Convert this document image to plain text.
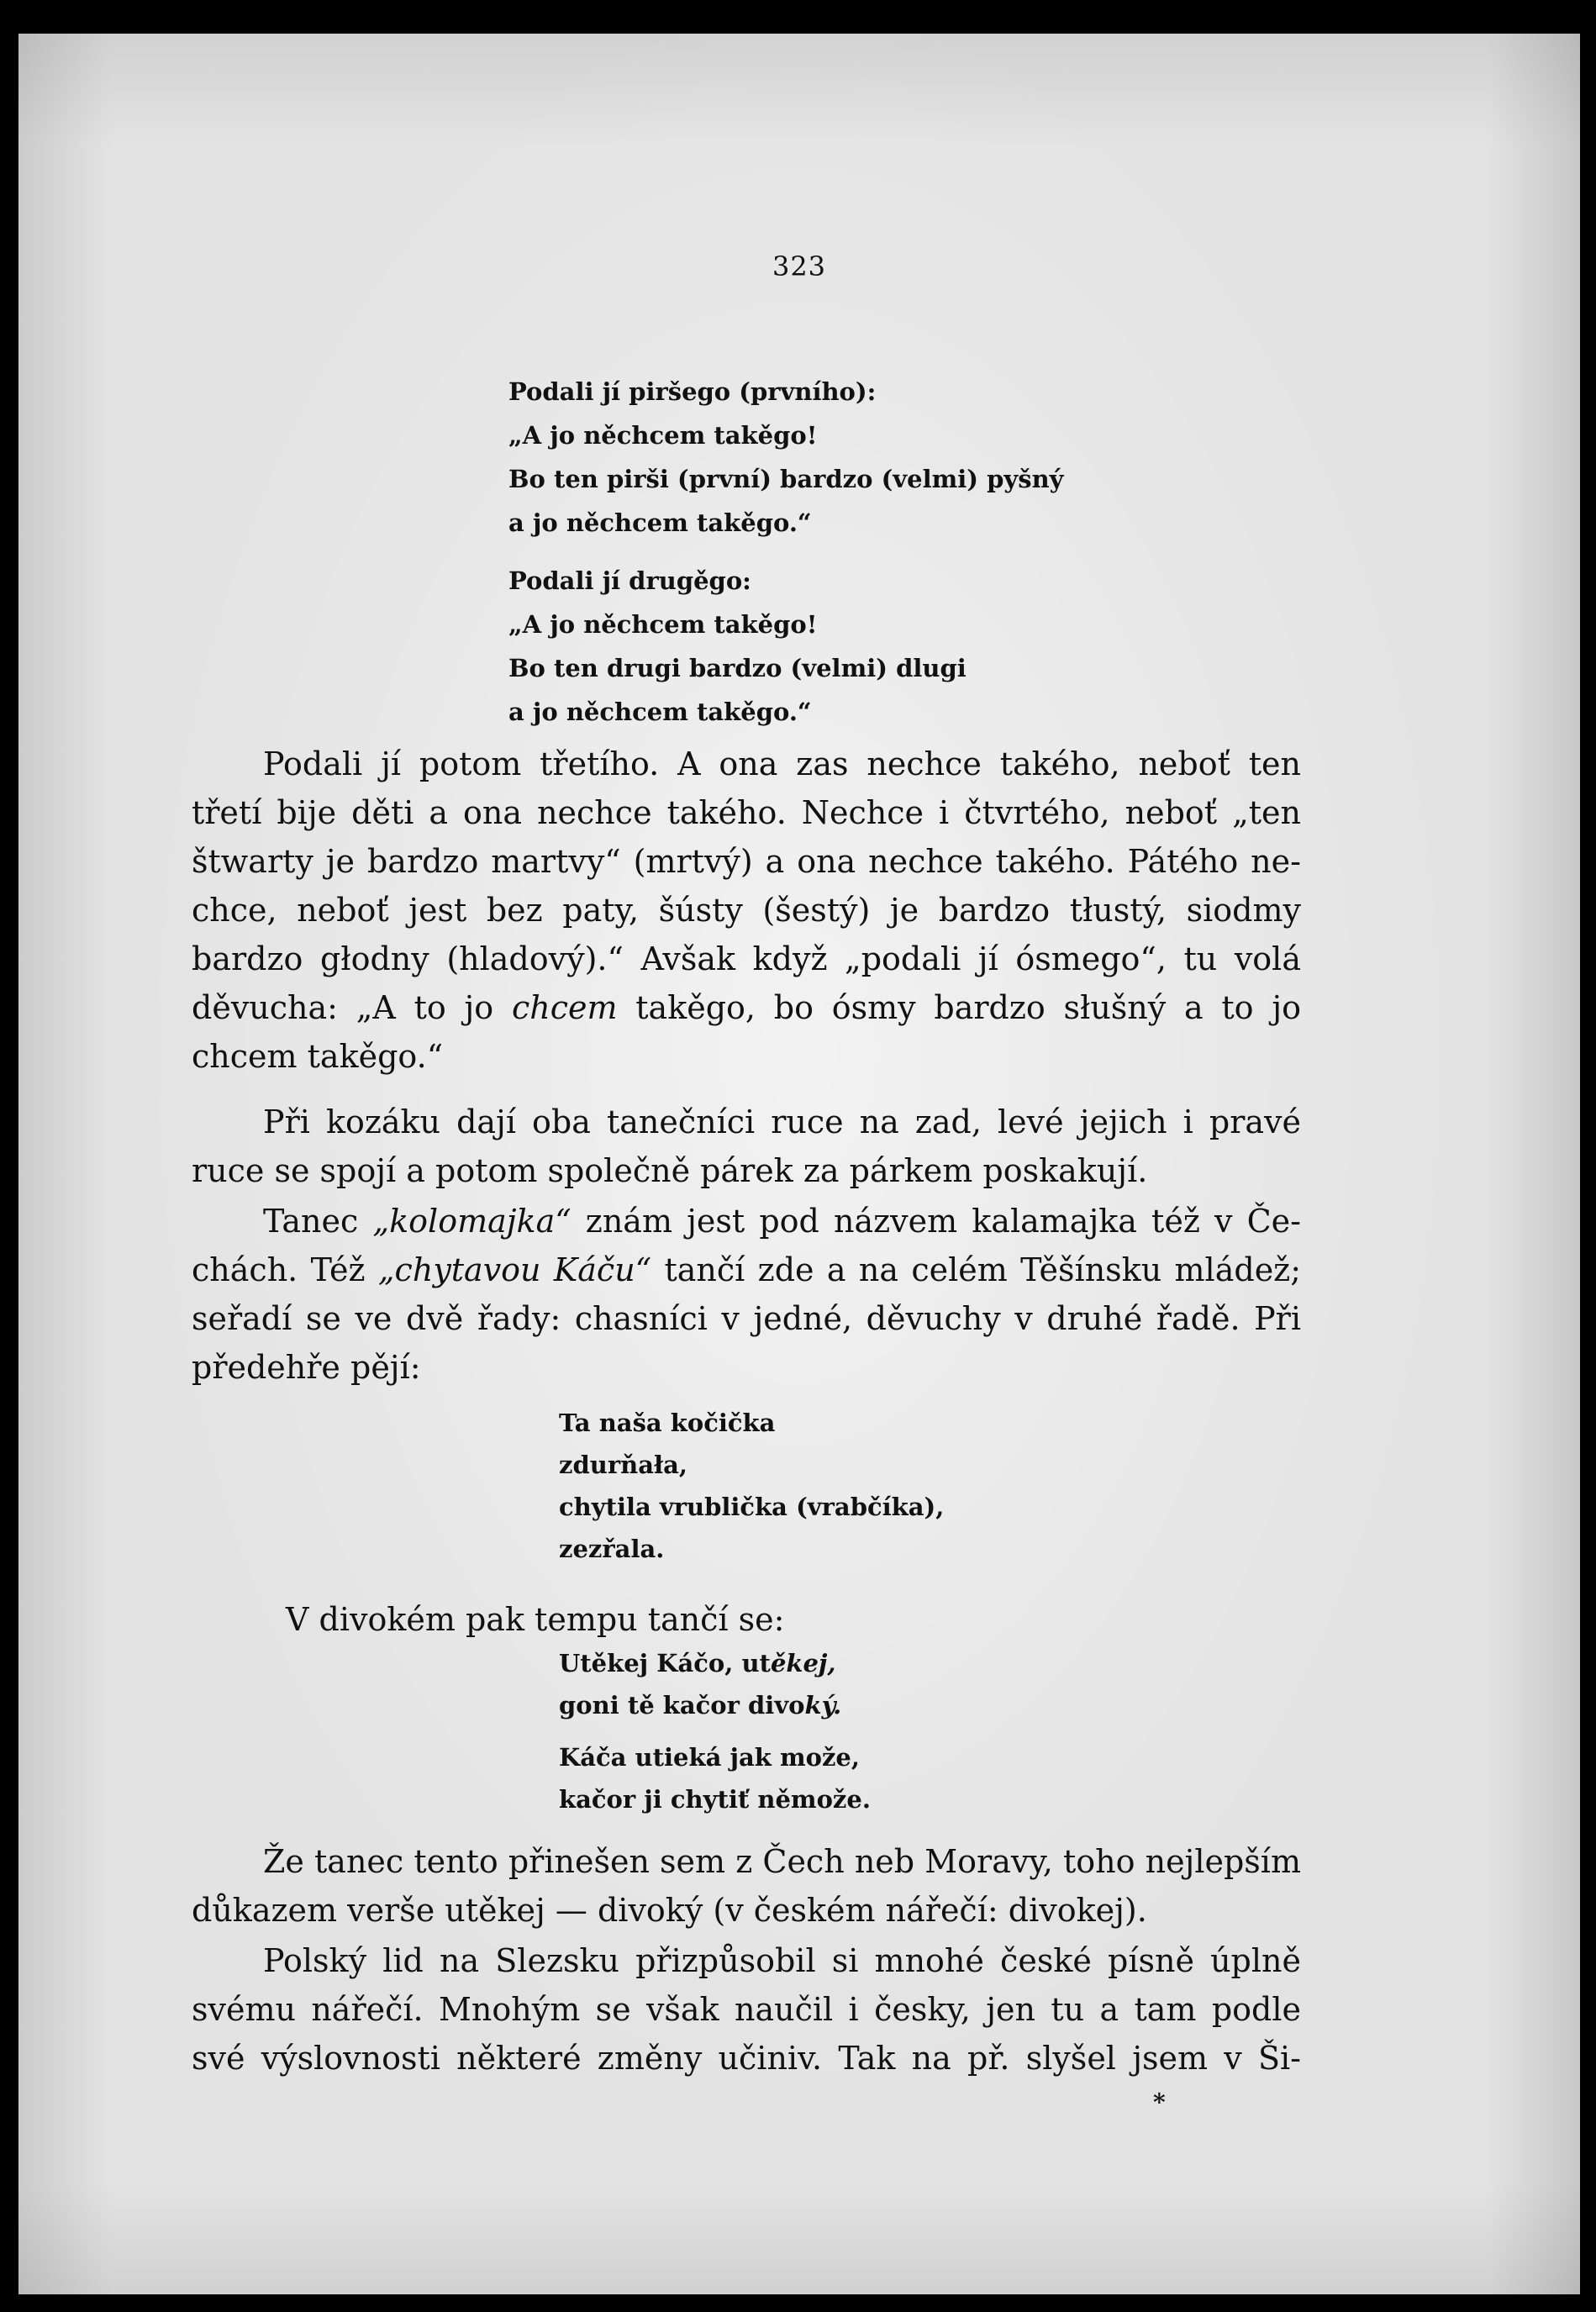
323
Podali jí piršego (prvního):
„A jo něchcem takěgo!
Bo ten pirši (první) bardzo (velmi) pyšný
a jo něchcem takěgo.“
Podali jí drugěgo:
„A jo něchcem takěgo!
Bo ten drugi bardzo (velmi) dlugi
a jo něchcem takěgo.“
Podali jí potom třetího. A ona zas nechce takého, neboť ten
třetí bije děti a ona nechce takého. Nechce i čtvrtého, neboť „ten
štwarty je bardzo martvy“ (mrtvý) a ona nechce takého. Pátého ne-
chce, neboť jest bez paty, šústy (šestý) je bardzo tłustý, siodmy
bardzo głodny (hladový).“ Avšak když „podali jí ósmego“, tu volá
děvucha: „A to jo chcem takěgo, bo ósmy bardzo słušný a to jo
chcem takěgo.“
Při kozáku dají oba tanečníci ruce na zad, levé jejich i pravé
ruce se spojí a potom společně párek za párkem poskakují.
Tanec „kolomajka“ znám jest pod názvem kalamajka též v Če-
chách. Též „chytavou Káču“ tančí zde a na celém Těšínsku mládež;
seřadí se ve dvě řady: chasníci v jedné, děvuchy v druhé řadě. Při
předehře pějí:
Ta naša kočička
zdurňała,
chytila vrublička (vrabčíka),
zezřala.
V divokém pak tempu tančí se:
Utěkej Káčo, utěkej,
goni tě kačor divoký.
Káča utieká jak može,
kačor ji chytiť němože.
Že tanec tento přinešen sem z Čech neb Moravy, toho nejlepším
důkazem verše utěkej — divoký (v českém nářečí: divokej).
Polský lid na Slezsku přizpůsobil si mnohé české písně úplně
svému nářečí. Mnohým se však naučil i česky, jen tu a tam podle
své výslovnosti některé změny učiniv. Tak na př. slyšel jsem v Ši-
*
